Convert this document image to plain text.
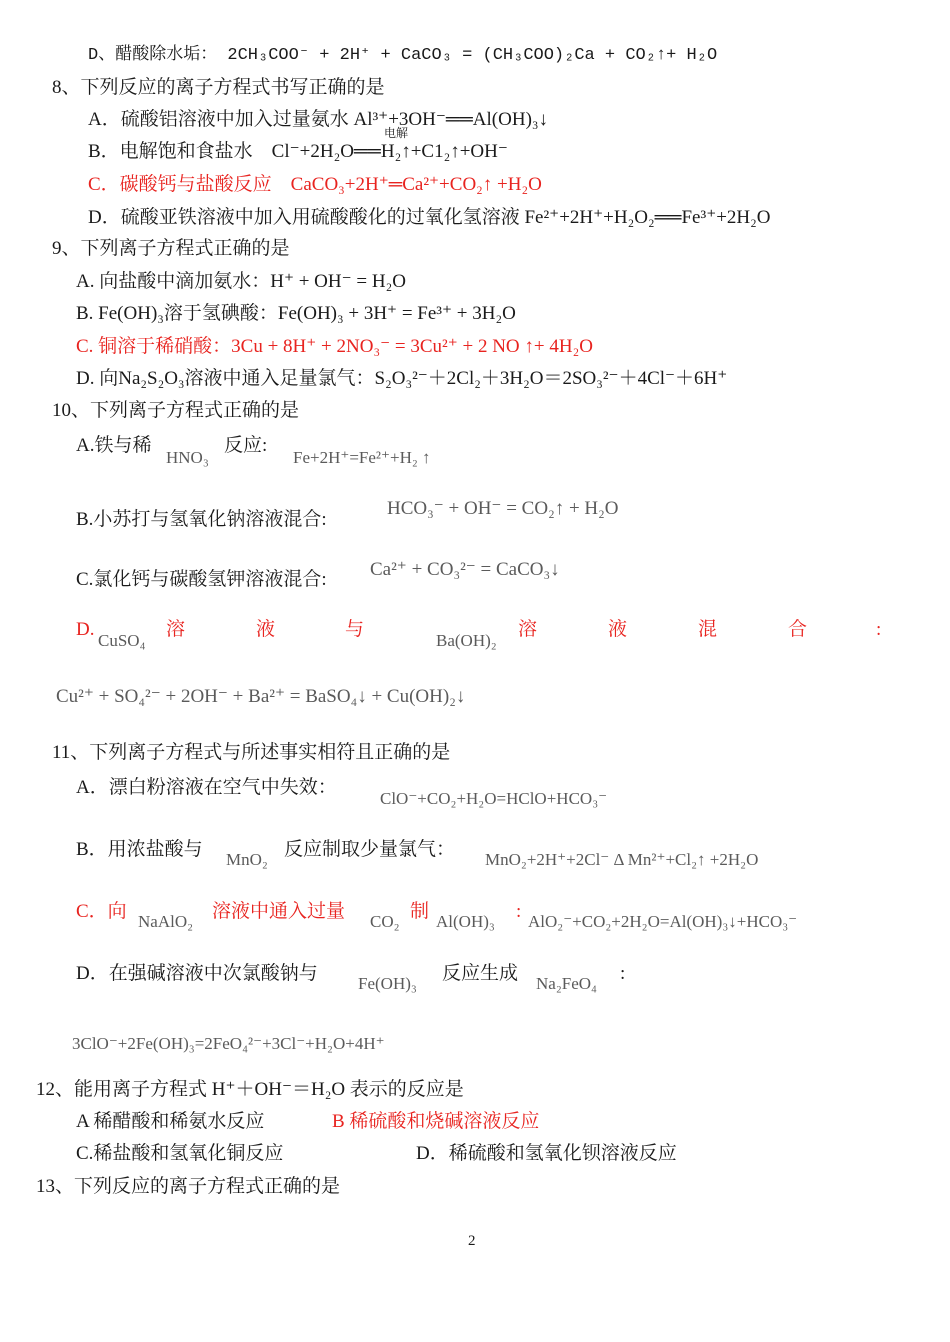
D、醋酸除水垢： 2CH₃COO⁻ + 2H⁺ + CaCO₃ = (CH₃COO)₂Ca + CO₂↑+ H₂O
8、下列反应的离子方程式书写正确的是
A．硫酸铝溶液中加入过量氨水 Al³⁺+3OH⁻══Al(OH)₃↓
电解
B．电解饱和食盐水　Cl⁻+2H₂O══H₂↑+C1₂↑+OH⁻
C．碳酸钙与盐酸反应　CaCO₃+2H⁺═Ca²⁺+CO₂↑ +H₂O
D．硫酸亚铁溶液中加入用硫酸酸化的过氧化氢溶液 Fe²⁺+2H⁺+H₂O₂══Fe³⁺+2H₂O
9、下列离子方程式正确的是
A. 向盐酸中滴加氨水：H⁺ + OH⁻ = H₂O
B. Fe(OH)₃溶于氢碘酸：Fe(OH)₃ + 3H⁺ = Fe³⁺ + 3H₂O
C. 铜溶于稀硝酸：3Cu + 8H⁺ + 2NO₃⁻ = 3Cu²⁺ + 2 NO ↑+ 4H₂O
D. 向Na₂S₂O₃溶液中通入足量氯气：S₂O₃²⁻＋2Cl₂＋3H₂O＝2SO₃²⁻＋4Cl⁻＋6H⁺
10、下列离子方程式正确的是
A.铁与稀
HNO₃
反应:
Fe+2H⁺=Fe²⁺+H₂ ↑
B.小苏打与氢氧化钠溶液混合:
HCO₃⁻ + OH⁻ = CO₂↑ + H₂O
C.氯化钙与碳酸氢钾溶液混合: Ca²⁺ + CO₃²⁻ = CaCO₃↓
D.
CuSO₄
溶	液	与
Ba(OH)₂
溶	液	混	合	:
Cu²⁺ + SO₄²⁻ + 2OH⁻ + Ba²⁺ = BaSO₄↓ + Cu(OH)₂↓
11、下列离子方程式与所述事实相符且正确的是
A．漂白粉溶液在空气中失效：
ClO⁻+CO₂+H₂O=HClO+HCO₃⁻
B．用浓盐酸与 MnO₂ 反应制取少量氯气： MnO₂+2H⁺+2Cl⁻ Δ Mn²⁺+Cl₂↑ +2H₂O
C．向 NaAlO₂ 溶液中通入过量 CO₂ 制 Al(OH)₃ : AlO₂⁻+CO₂+2H₂O=Al(OH)₃↓+HCO₃⁻
D．在强碱溶液中次氯酸钠与 Fe(OH)₃ 反应生成 Na₂FeO₄ :
3ClO⁻+2Fe(OH)₃=2FeO₄²⁻+3Cl⁻+H₂O+4H⁺
12、能用离子方程式 H⁺＋OH⁻＝H₂O 表示的反应是
A 稀醋酸和稀氨水反应	B 稀硫酸和烧碱溶液反应
C.稀盐酸和氢氧化铜反应	D．稀硫酸和氢氧化钡溶液反应
13、下列反应的离子方程式正确的是
2
